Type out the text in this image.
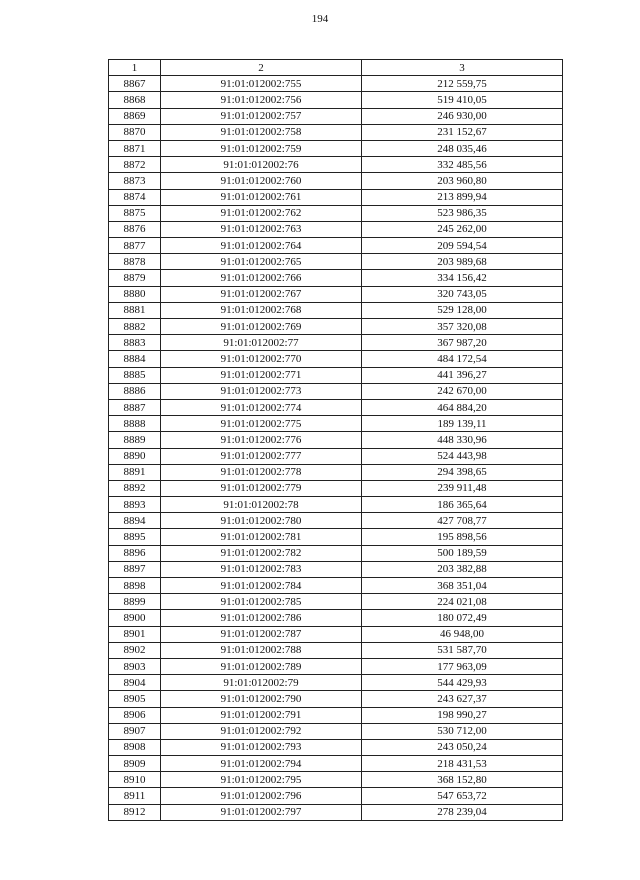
194
1	2	3
8867	91:01:012002:755	212 559,75
8868	91:01:012002:756	519 410,05
8869	91:01:012002:757	246 930,00
8870	91:01:012002:758	231 152,67
8871	91:01:012002:759	248 035,46
8872	91:01:012002:76	332 485,56
8873	91:01:012002:760	203 960,80
8874	91:01:012002:761	213 899,94
8875	91:01:012002:762	523 986,35
8876	91:01:012002:763	245 262,00
8877	91:01:012002:764	209 594,54
8878	91:01:012002:765	203 989,68
8879	91:01:012002:766	334 156,42
8880	91:01:012002:767	320 743,05
8881	91:01:012002:768	529 128,00
8882	91:01:012002:769	357 320,08
8883	91:01:012002:77	367 987,20
8884	91:01:012002:770	484 172,54
8885	91:01:012002:771	441 396,27
8886	91:01:012002:773	242 670,00
8887	91:01:012002:774	464 884,20
8888	91:01:012002:775	189 139,11
8889	91:01:012002:776	448 330,96
8890	91:01:012002:777	524 443,98
8891	91:01:012002:778	294 398,65
8892	91:01:012002:779	239 911,48
8893	91:01:012002:78	186 365,64
8894	91:01:012002:780	427 708,77
8895	91:01:012002:781	195 898,56
8896	91:01:012002:782	500 189,59
8897	91:01:012002:783	203 382,88
8898	91:01:012002:784	368 351,04
8899	91:01:012002:785	224 021,08
8900	91:01:012002:786	180 072,49
8901	91:01:012002:787	46 948,00
8902	91:01:012002:788	531 587,70
8903	91:01:012002:789	177 963,09
8904	91:01:012002:79	544 429,93
8905	91:01:012002:790	243 627,37
8906	91:01:012002:791	198 990,27
8907	91:01:012002:792	530 712,00
8908	91:01:012002:793	243 050,24
8909	91:01:012002:794	218 431,53
8910	91:01:012002:795	368 152,80
8911	91:01:012002:796	547 653,72
8912	91:01:012002:797	278 239,04
